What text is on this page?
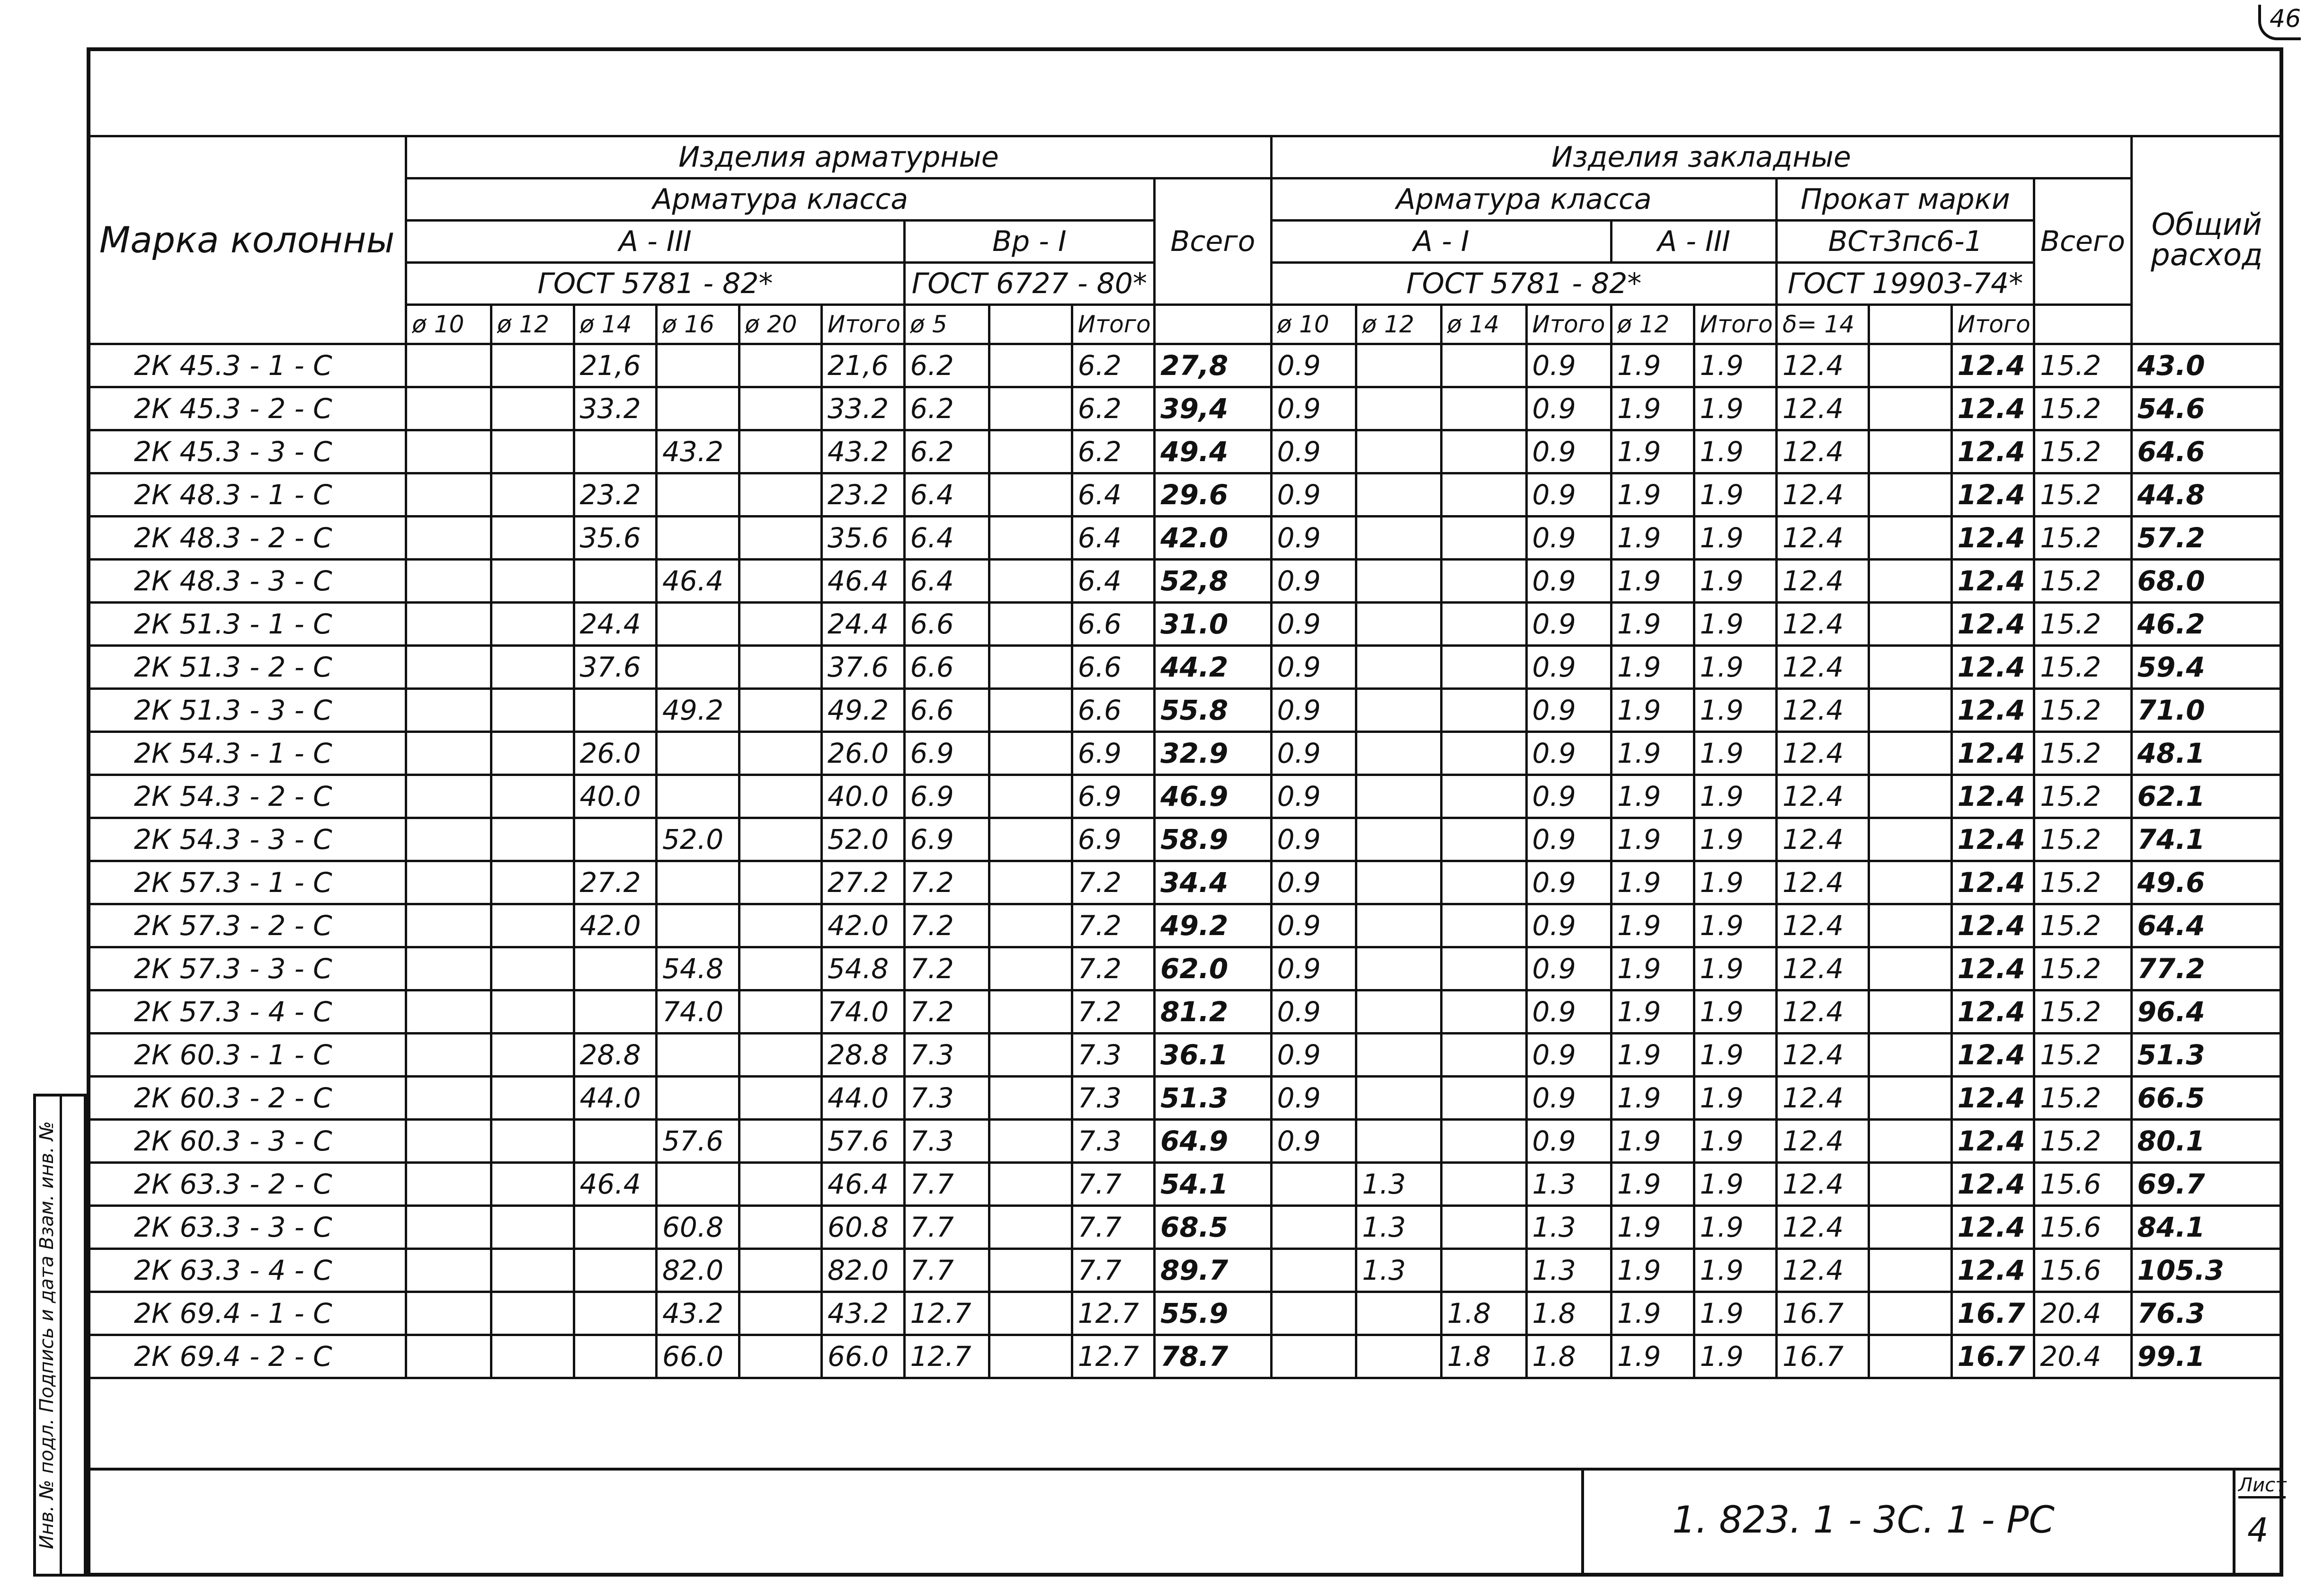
46
Инв. № подл. Подпись и дата Взам. инв. №
Марка колонны	Изделия арматурные										Изделия закладные										Общий расход
	Арматура класса									Всего	Арматура класса						Прокат марки			Всего	
	A - III						Bp - I				A - I				A - III		ВСт3пс6-1				
	ГОСТ 5781 - 82*						ГОСТ 6727 - 80*				ГОСТ 5781 - 82*						ГОСТ 19903-74*				
	ø 10	ø 12	ø 14	ø 16	ø 20	Итого	ø 5		Итого		ø 10	ø 12	ø 14	Итого	ø 12	Итого	δ= 14		Итого		
2К 45.3 - 1 - С			21,6			21,6	6.2		6.2	27,8	0.9			0.9	1.9	1.9	12.4		12.4	15.2	43.0
2К 45.3 - 2 - С			33.2			33.2	6.2		6.2	39,4	0.9			0.9	1.9	1.9	12.4		12.4	15.2	54.6
2К 45.3 - 3 - С				43.2		43.2	6.2		6.2	49.4	0.9			0.9	1.9	1.9	12.4		12.4	15.2	64.6
2К 48.3 - 1 - С			23.2			23.2	6.4		6.4	29.6	0.9			0.9	1.9	1.9	12.4		12.4	15.2	44.8
2К 48.3 - 2 - С			35.6			35.6	6.4		6.4	42.0	0.9			0.9	1.9	1.9	12.4		12.4	15.2	57.2
2К 48.3 - 3 - С				46.4		46.4	6.4		6.4	52,8	0.9			0.9	1.9	1.9	12.4		12.4	15.2	68.0
2К 51.3 - 1 - С			24.4			24.4	6.6		6.6	31.0	0.9			0.9	1.9	1.9	12.4		12.4	15.2	46.2
2К 51.3 - 2 - С			37.6			37.6	6.6		6.6	44.2	0.9			0.9	1.9	1.9	12.4		12.4	15.2	59.4
2К 51.3 - 3 - С				49.2		49.2	6.6		6.6	55.8	0.9			0.9	1.9	1.9	12.4		12.4	15.2	71.0
2К 54.3 - 1 - С			26.0			26.0	6.9		6.9	32.9	0.9			0.9	1.9	1.9	12.4		12.4	15.2	48.1
2К 54.3 - 2 - С			40.0			40.0	6.9		6.9	46.9	0.9			0.9	1.9	1.9	12.4		12.4	15.2	62.1
2К 54.3 - 3 - С				52.0		52.0	6.9		6.9	58.9	0.9			0.9	1.9	1.9	12.4		12.4	15.2	74.1
2К 57.3 - 1 - С			27.2			27.2	7.2		7.2	34.4	0.9			0.9	1.9	1.9	12.4		12.4	15.2	49.6
2К 57.3 - 2 - С			42.0			42.0	7.2		7.2	49.2	0.9			0.9	1.9	1.9	12.4		12.4	15.2	64.4
2К 57.3 - 3 - С				54.8		54.8	7.2		7.2	62.0	0.9			0.9	1.9	1.9	12.4		12.4	15.2	77.2
2К 57.3 - 4 - С				74.0		74.0	7.2		7.2	81.2	0.9			0.9	1.9	1.9	12.4		12.4	15.2	96.4
2К 60.3 - 1 - С			28.8			28.8	7.3		7.3	36.1	0.9			0.9	1.9	1.9	12.4		12.4	15.2	51.3
2К 60.3 - 2 - С			44.0			44.0	7.3		7.3	51.3	0.9			0.9	1.9	1.9	12.4		12.4	15.2	66.5
2К 60.3 - 3 - С				57.6		57.6	7.3		7.3	64.9	0.9			0.9	1.9	1.9	12.4		12.4	15.2	80.1
2К 63.3 - 2 - С			46.4			46.4	7.7		7.7	54.1		1.3		1.3	1.9	1.9	12.4		12.4	15.6	69.7
2К 63.3 - 3 - С				60.8		60.8	7.7		7.7	68.5		1.3		1.3	1.9	1.9	12.4		12.4	15.6	84.1
2К 63.3 - 4 - С				82.0		82.0	7.7		7.7	89.7		1.3		1.3	1.9	1.9	12.4		12.4	15.6	105.3
2К 69.4 - 1 - С				43.2		43.2	12.7		12.7	55.9			1.8	1.8	1.9	1.9	16.7		16.7	20.4	76.3
2К 69.4 - 2 - С				66.0		66.0	12.7		12.7	78.7			1.8	1.8	1.9	1.9	16.7		16.7	20.4	99.1
1. 823. 1 - 3С. 1 - РС
Лист
4
